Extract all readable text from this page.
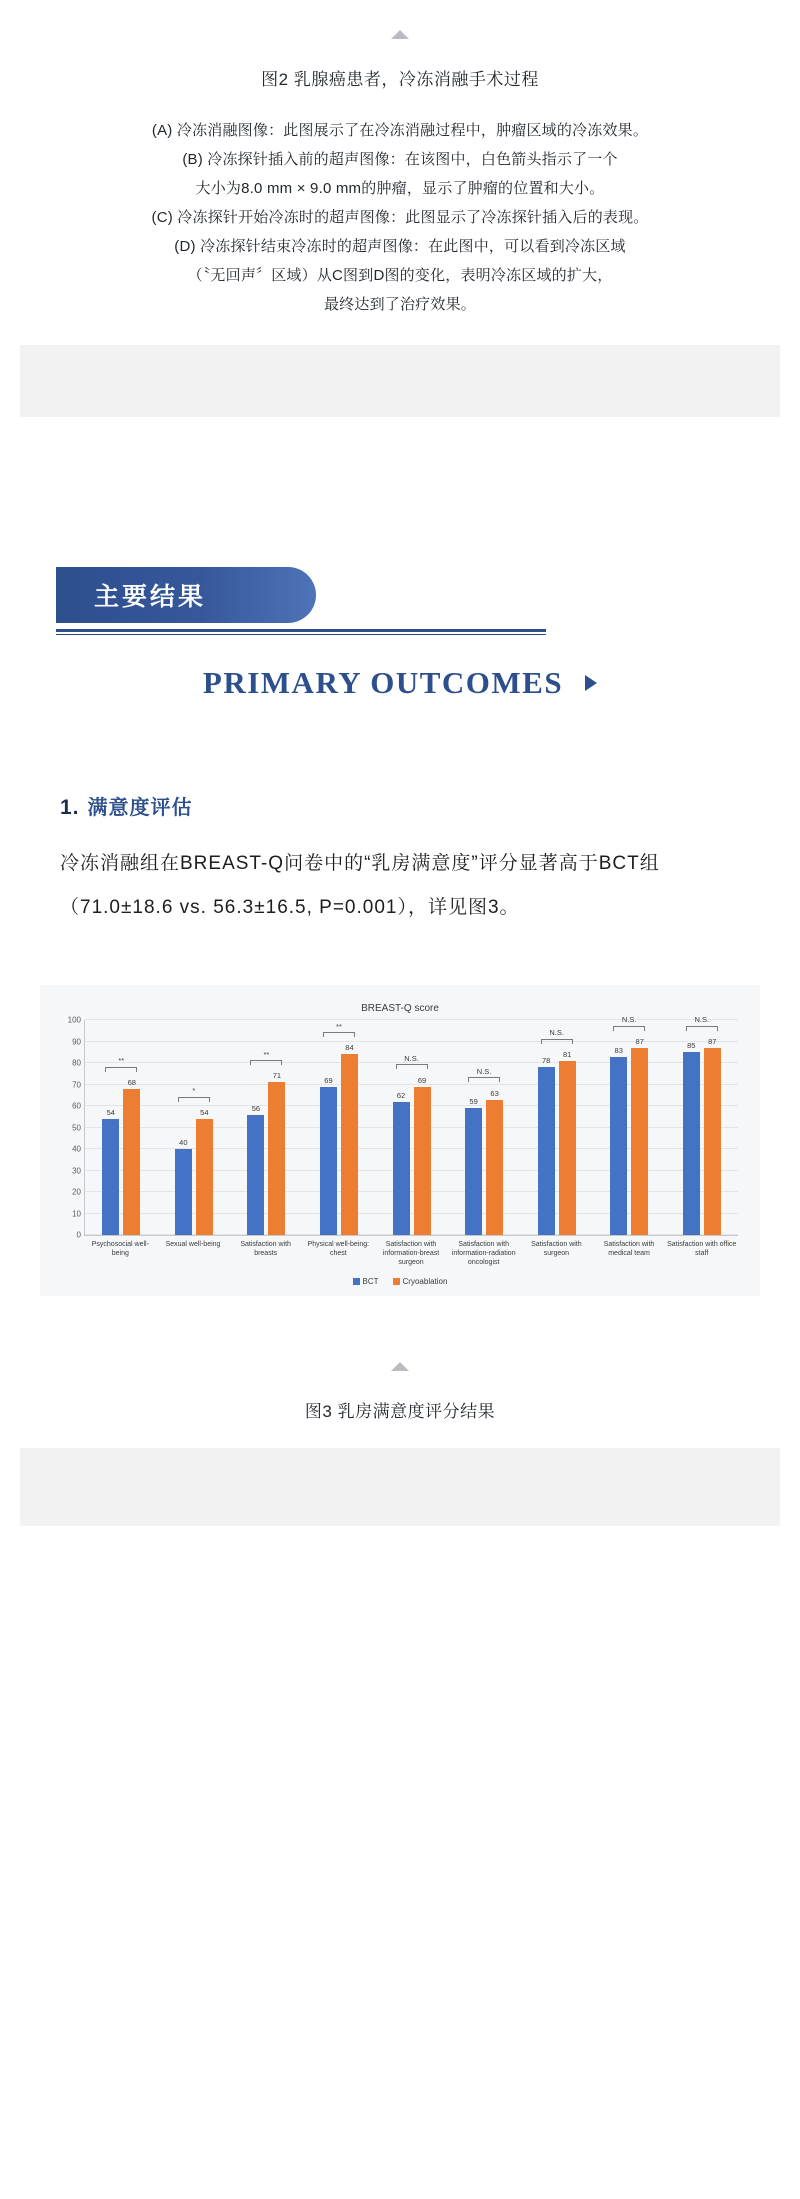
图2 乳腺癌患者，冷冻消融手术过程
(A) 冷冻消融图像：此图展示了在冷冻消融过程中，肿瘤区域的冷冻效果。
(B) 冷冻探针插入前的超声图像：在该图中，白色箭头指示了一个
大小为8.0 mm × 9.0 mm的肿瘤，显示了肿瘤的位置和大小。
(C) 冷冻探针开始冷冻时的超声图像：此图显示了冷冻探针插入后的表现。
(D) 冷冻探针结束冷冻时的超声图像：在此图中，可以看到冷冻区域
（〝无回声〞区域）从C图到D图的变化，表明冷冻区域的扩大，
最终达到了治疗效果。
主要结果
PRIMARY OUTCOMES
1. 满意度评估
冷冻消融组在BREAST-Q问卷中的“乳房满意度”评分显著高于BCT组（71.0±18.6 vs. 56.3±16.5, P=0.001），详见图3。
BREAST-Q score
0
10
20
30
40
50
60
70
80
90
100
54
68
**
40
54
*
56
71
**
69
84
**
62
69
N.S.
59
63
N.S.
78
81
N.S.
83
87
N.S.
85 87
N.S.
Psychosocial well-being
Sexual well-being	Satisfaction with breasts
Physical well-being: chest
Satisfaction with information-breast surgeon
Satisfaction with information-radiation oncologist
Satisfaction with surgeon
Satisfaction with medical team
Satisfaction with office staff
BCT	Cryoablation
图3 乳房满意度评分结果
